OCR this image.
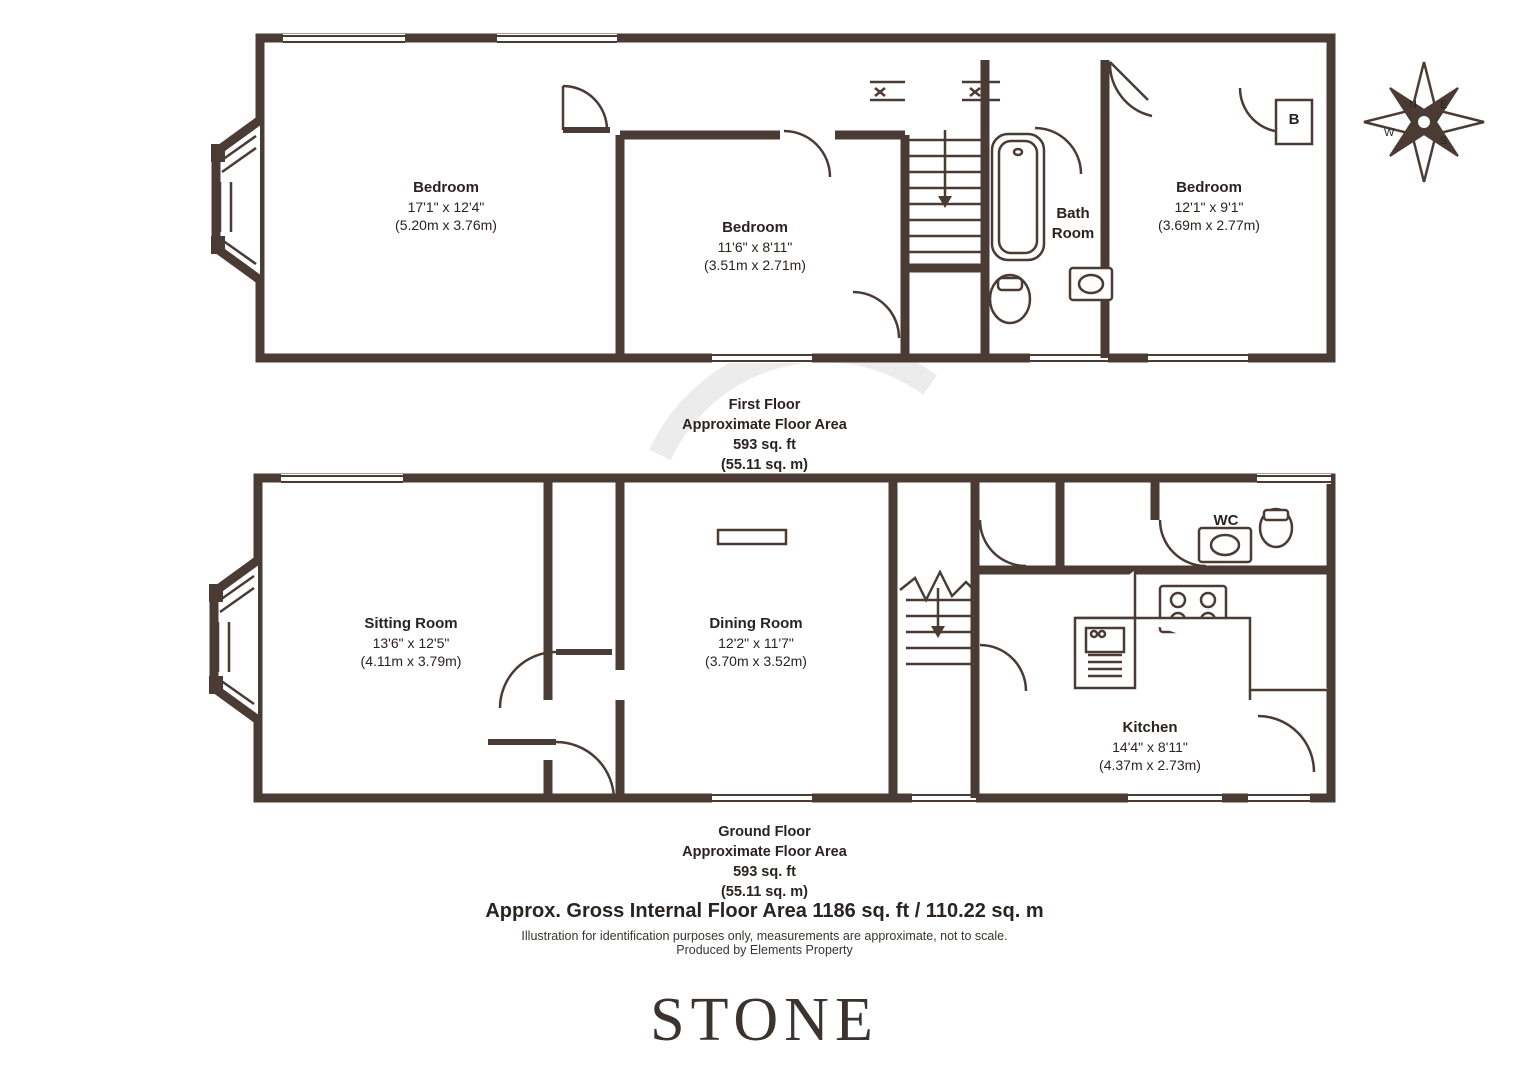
N E
S
W
Bedroom
17'1" x 12'4"
(5.20m x 3.76m)	Bedroom
11'6" x 8'11"
(3.51m x 2.71m)
Bath
Room
Bedroom
12'1" x 9'1"
(3.69m x 2.77m)
B
First Floor
Approximate Floor Area
593 sq. ft
(55.11 sq. m)
Sitting Room
13'6" x 12'5"
(4.11m x 3.79m)
Dining Room
12'2" x 11'7"
(3.70m x 3.52m)
WC
Kitchen
14'4" x 8'11"
(4.37m x 2.73m)
Ground Floor
Approximate Floor Area
593 sq. ft
(55.11 sq. m)
Approx. Gross Internal Floor Area 1186 sq. ft / 110.22 sq. m
Illustration for identification purposes only, measurements are approximate, not to scale.
Produced by Elements Property
STONE
